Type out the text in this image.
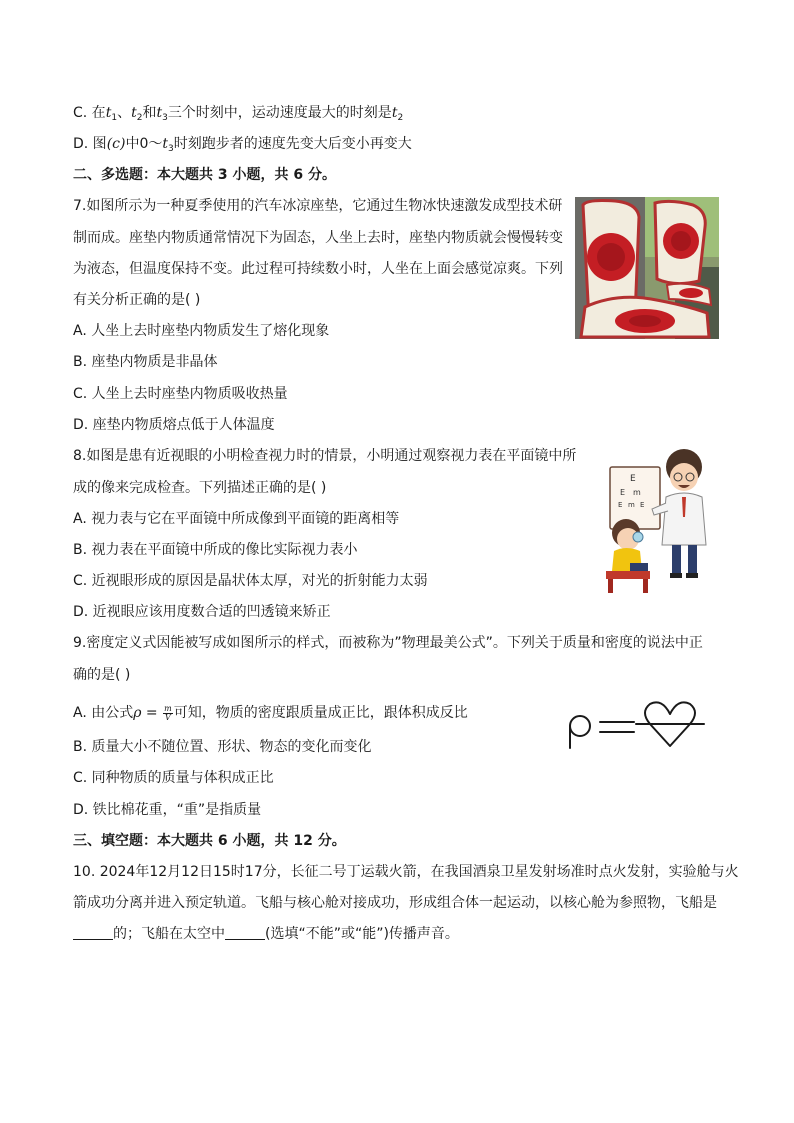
C. 在$t_1$、$t_2$和$t_3$三个时刻中，运动速度最大的时刻是$t_2$
D. 图(c)中$0\sim t_3$时刻跑步者的速度先变大后变小再变大
二、多选题：本大题共 3 小题，共 6 分。
7.如图所示为一种夏季使用的汽车冰凉座垫，它通过生物冰快速激发成型技术研
制而成。座垫内物质通常情况下为固态，人坐上去时，座垫内物质就会慢慢转变
为液态，但温度保持不变。此过程可持续数小时，人坐在上面会感觉凉爽。下列
有关分析正确的是( )
A. 人坐上去时座垫内物质发生了熔化现象
B. 座垫内物质是非晶体
C. 人坐上去时座垫内物质吸收热量
D. 座垫内物质熔点低于人体温度
8.如图是患有近视眼的小明检查视力时的情景，小明通过观察视力表在平面镜中所
成的像来完成检查。下列描述正确的是( )
A. 视力表与它在平面镜中所成像到平面镜的距离相等
B. 视力表在平面镜中所成的像比实际视力表小
C. 近视眼形成的原因是晶状体太厚，对光的折射能力太弱
D. 近视眼应该用度数合适的凹透镜来矫正
E
E m
E m E
9.密度定义式因能被写成如图所示的样式，而被称为”物理最美公式”。下列关于质量和密度的说法中正
确的是( )
A. 由公式$\rho = \frac{m}{V}$ 可知，物质的密度跟质量成正比，跟体积成反比
B. 质量大小不随位置、形状、物态的变化而变化
C. 同种物质的质量与体积成正比
D. 铁比棉花重，“重”是指质量
三、填空题：本大题共 6 小题，共 12 分。
10. 2024年12月12日15时17分，长征二号丁运载火箭，在我国酒泉卫星发射场准时点火发射，实验舱与火
箭成功分离并进入预定轨道。飞船与核心舱对接成功，形成组合体一起运动，以核心舱为参照物，飞船是
的；飞船在太空中	(选填“不能”或“能”)传播声音。
